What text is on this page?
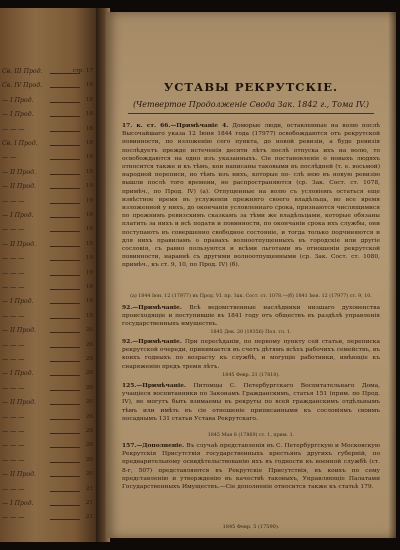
Св. III Прод.	стр. 17
Св. IV Прод.	18
— I Прод.	18
— I Прод.	18
— — —	18
Св. I Прод.	18
— —	18
— II Прод.	19
— II Прод.	19
— — —	19
— I Прод.	19
— — —	19
— II Прод.	19
— — —	19
— — —	19
— — —	19
— I Прод.	19
— — —	19
— II Прод.	20
— — —	20
— — —	20
— I Прод.	20
— — —	20
— II Прод.	20
— — —	20
— — —	20
— — —	20
— — —	20
— II Прод.	20
— — —	21
— I Прод.	21
— — —	21
УСТАВЫ РЕКРУТСКІЕ.
(Четвертое Продолженіе Свода Зак. 1842 г., Тома IV.)
17. к. ст. 66.—Примѣчаніе 4. Доморые люди, оставленные на волю послѣ Высочайшаго указа 12 Іюня 1844 года (17977) освобождаются отъ рекрутской повинности, по изложенію сего пункта, до новой ревизіи, а буде ревизія послѣдуетъ прежде истеченія десяти лѣтъ послѣ отпуска ихъ на волю, то освобождаются на одно изъ указанныхъ. Сіе постановленіе о новыхъ людяхъ относится также и къ тѣмъ, кои написаны таковыми въ послѣдней (т. е. восьмой) народной переписи, но тѣмъ изъ нихъ, которые по- слѣ нею въ новую ревизію вышли послѣ того времени, не распространяются (ср. Зак. Сост. ст. 1078, примѣч., по Прод. IV) (а). Отпущенные на волю съ условіемъ остаться еще извѣстное время въ услуженіи прежняго своего владѣльца, во все время изложенной у нихъ, до окончанія условленнаго срока, признаются числящимися по прежнимъ ревизскимъ сказкамъ за тѣми же владѣльцами, которые обязаны платить за нихъ и всѣ подати и повинности, по окончаніи срока ихъ службы, они поступаютъ въ совершенно свободное состояніе, и тогда только подчиняются и для нихъ правиламъ о правахъ волноотпущенныхъ въ городскіе или другіе сословія, съ равно пользуются и всѣми льготами въ отношеніи рекрутской повинности, наравнѣ съ другими волноотпущенными (ср. Зак. Сост. ст. 1080, примѣч., къ ст. 9, 10, по Прод. IV) (б).
(а) 1844 Іюн. 12 (17977) въ Прод. VI. пр. Зак. Сост. ст. 1078.—(б) 1841 Іюн. 12 (17977) ст. 9, 10.
92.—Примѣчаніе. Всѣ ведомственные наслѣдники низшаго духовенства происходящіе и поступившіе въ 1841 году отъ обществъ въ раздѣлѣ управленія государственныхъ имуществъ.
1845 Дек. 20 (19356) Пол. гл. 1.
92.—Примѣчаніе. При пересѣданіи, по первому пункту сей статьи, переписка рекрутской очереди, принимается въ счетъ дѣтямъ всѣхъ рабочихъ семействъ, въ коихъ годныхъ по возрасту къ службѣ, и могущіе работники, имѣющіе къ снаряженію предъ тремя лѣтъ.
1845 Февр. 21 (17810).
125.—Примѣчаніе. Питомцы С. Петербургскаго Воспитательнаго Дома, учащіеся воспитанники по Законамъ Гражданскимъ, статья 151 (прим. по Прод. IV), не могутъ быть взимаемы въ рекруты по всей гражданскимъ отдѣльнымъ тѣмъ или имѣть въ сіе отношеніе приписанными къ сословіямъ своимъ посаднымъ 131 статьи Устава Рекрутскаго.
1845 Мая 8 (17869) ст. 1, прим. 1.
157.—Дополненіе. Въ случаѣ представленія въ С. Петербургскую и Московскую Рекрутскія Присутствія государственныхъ крестьянъ другихъ губерній, по предварительному освидѣтельствованію ихъ въ годности къ военной службѣ (ст. 8-г, 507) представляются въ Рекрутскіе Присутствія, въ коихъ по сему представленію и утвержденію въ качествѣ таковыхъ, Управляющіе Палатами Государственныхъ Имуществъ.—Сіе дополненіе относится также къ статьѣ 179.
1845 Февр. 5 (17590).
